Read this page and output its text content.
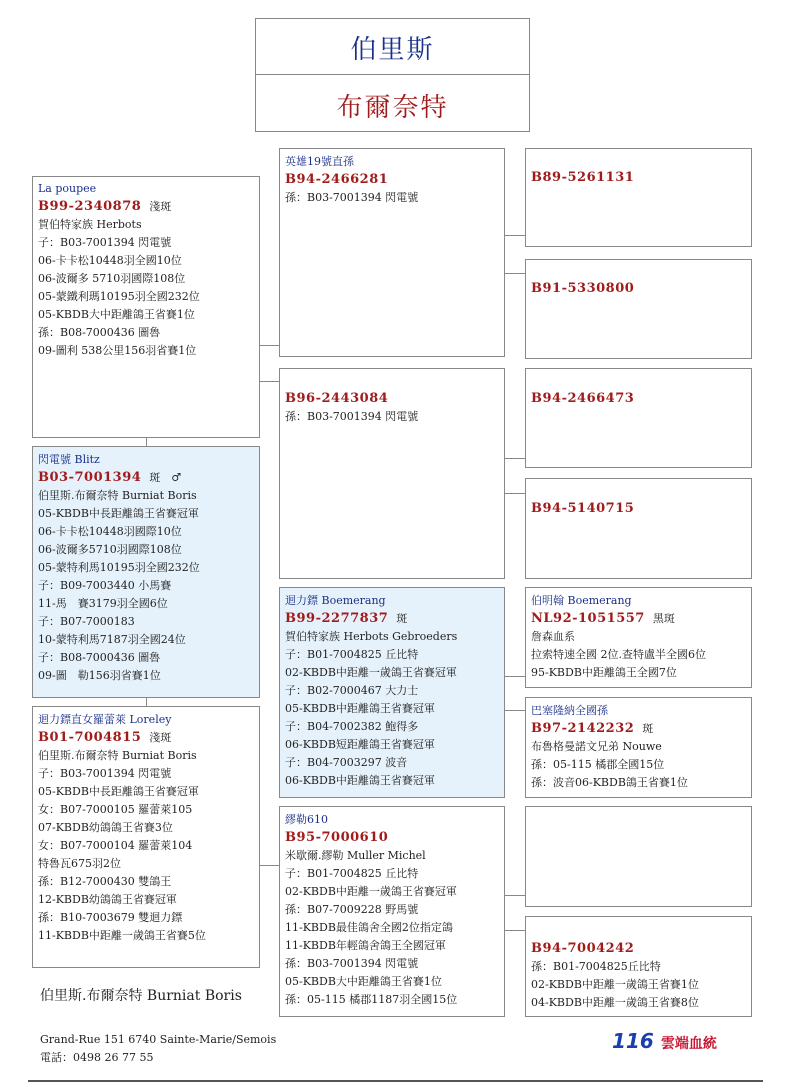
伯里斯
布爾奈特
La poupee
B99-2340878 淺斑
賀伯特家族 Herbots
子：B03-7001394 閃電號
06-卡卡松10448羽全國10位
06-波爾多 5710羽國際108位
05-蒙鐵利瑪10195羽全國232位
05-KBDB大中距離鴿王省賽1位
孫：B08-7000436 圖魯
09-圖利 538公里156羽省賽1位
閃電號 Blitz
B03-7001394 斑　♂
伯里斯.布爾奈特 Burniat Boris
05-KBDB中長距離鴿王省賽冠軍
06-卡卡松10448羽國際10位
06-波爾多5710羽國際108位
05-蒙特利馬10195羽全國232位
子：B09-7003440 小馬賽
11-馬　賽3179羽全國6位
子：B07-7000183
10-蒙特利馬7187羽全國24位
子：B08-7000436 圖魯
09-圖　勒156羽省賽1位
迴力鏢直女羅蕾萊 Loreley
B01-7004815 淺斑
伯里斯.布爾奈特 Burniat Boris
子：B03-7001394 閃電號
05-KBDB中長距離鴿王省賽冠軍
女：B07-7000105 羅蕾萊105
07-KBDB幼鴿鴿王省賽3位
女：B07-7000104 羅蕾萊104
特魯瓦675羽2位
孫：B12-7000430 雙鴿王
12-KBDB幼鴿鴿王省賽冠軍
孫：B10-7003679 雙迴力鏢
11-KBDB中距離一歲鴿王省賽5位
英雄19號直孫
B94-2466281
孫：B03-7001394 閃電號
B96-2443084
孫：B03-7001394 閃電號
迴力鏢 Boemerang
B99-2277837 斑
賀伯特家族 Herbots Gebroeders
子：B01-7004825 丘比特
02-KBDB中距離一歲鴿王省賽冠軍
子：B02-7000467 大力士
05-KBDB中距離鴿王省賽冠軍
子：B04-7002382 鮑得多
06-KBDB短距離鴿王省賽冠軍
子：B04-7003297 波音
06-KBDB中距離鴿王省賽冠軍
繆勒610
B95-7000610
米歇爾.繆勒 Muller Michel
子：B01-7004825 丘比特
02-KBDB中距離一歲鴿王省賽冠軍
孫：B07-7009228 野馬號
11-KBDB最佳鴿舍全國2位指定鴿
11-KBDB年輕鴿舍鴿王全國冠軍
孫：B03-7001394 閃電號
05-KBDB大中距離鴿王省賽1位
孫：05-115 橘郡1187羽全國15位
B89-5261131
B91-5330800
B94-2466473
B94-5140715
伯明翰 Boemerang
NL92-1051557 黑斑
詹森血系
拉索特速全國 2位.查特盧半全國6位
95-KBDB中距離鴿王全國7位
巴塞隆納全國孫
B97-2142232 斑
布魯格曼諾文兄弟 Nouwe
孫：05-115 橘郡全國15位
孫：波音06-KBDB鴿王省賽1位
B94-7004242
孫：B01-7004825丘比特
02-KBDB中距離一歲鴿王省賽1位
04-KBDB中距離一歲鴿王省賽8位
伯里斯.布爾奈特 Burniat Boris
Grand-Rue 151 6740 Sainte-Marie/Semois
電話：0498 26 77 55
116 雲端血統
